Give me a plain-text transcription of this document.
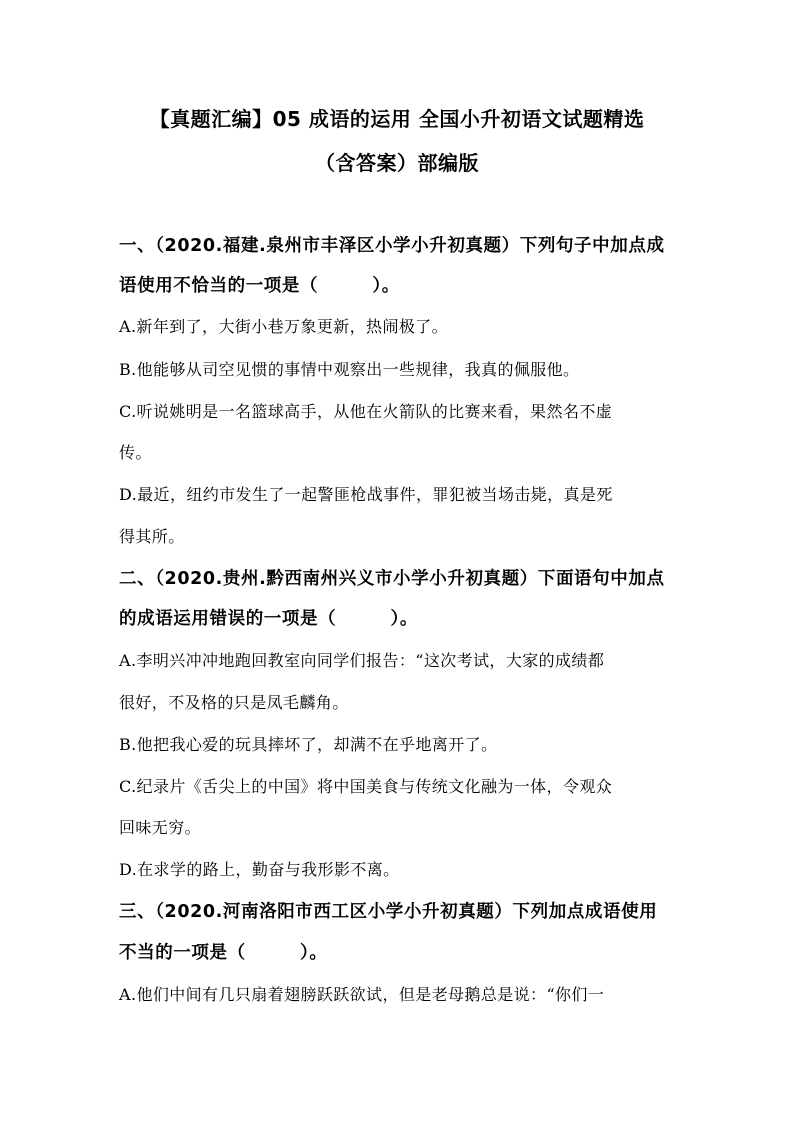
【真题汇编】05 成语的运用 全国小升初语文试题精选
（含答案）部编版
一、（2020.福建.泉州市丰泽区小学小升初真题）下列句子中加点成
语使用不恰当的一项是（　　　）。
A.新年到了，大街小巷万象更新，热闹极了。
B.他能够从司空见惯的事情中观察出一些规律，我真的佩服他。
C.听说姚明是一名篮球高手，从他在火箭队的比赛来看，果然名不虚
传。
D.最近，纽约市发生了一起警匪枪战事件，罪犯被当场击毙，真是死
得其所。
二、（2020.贵州.黔西南州兴义市小学小升初真题）下面语句中加点
的成语运用错误的一项是（　　　）。
A.李明兴冲冲地跑回教室向同学们报告：“这次考试，大家的成绩都
很好，不及格的只是凤毛麟角。
B.他把我心爱的玩具摔坏了，却满不在乎地离开了。
C.纪录片《舌尖上的中国》将中国美食与传统文化融为一体，令观众
回味无穷。
D.在求学的路上，勤奋与我形影不离。
三、（2020.河南洛阳市西工区小学小升初真题）下列加点成语使用
不当的一项是（　　　）。
A.他们中间有几只扇着翅膀跃跃欲试，但是老母鹅总是说：“你们一
